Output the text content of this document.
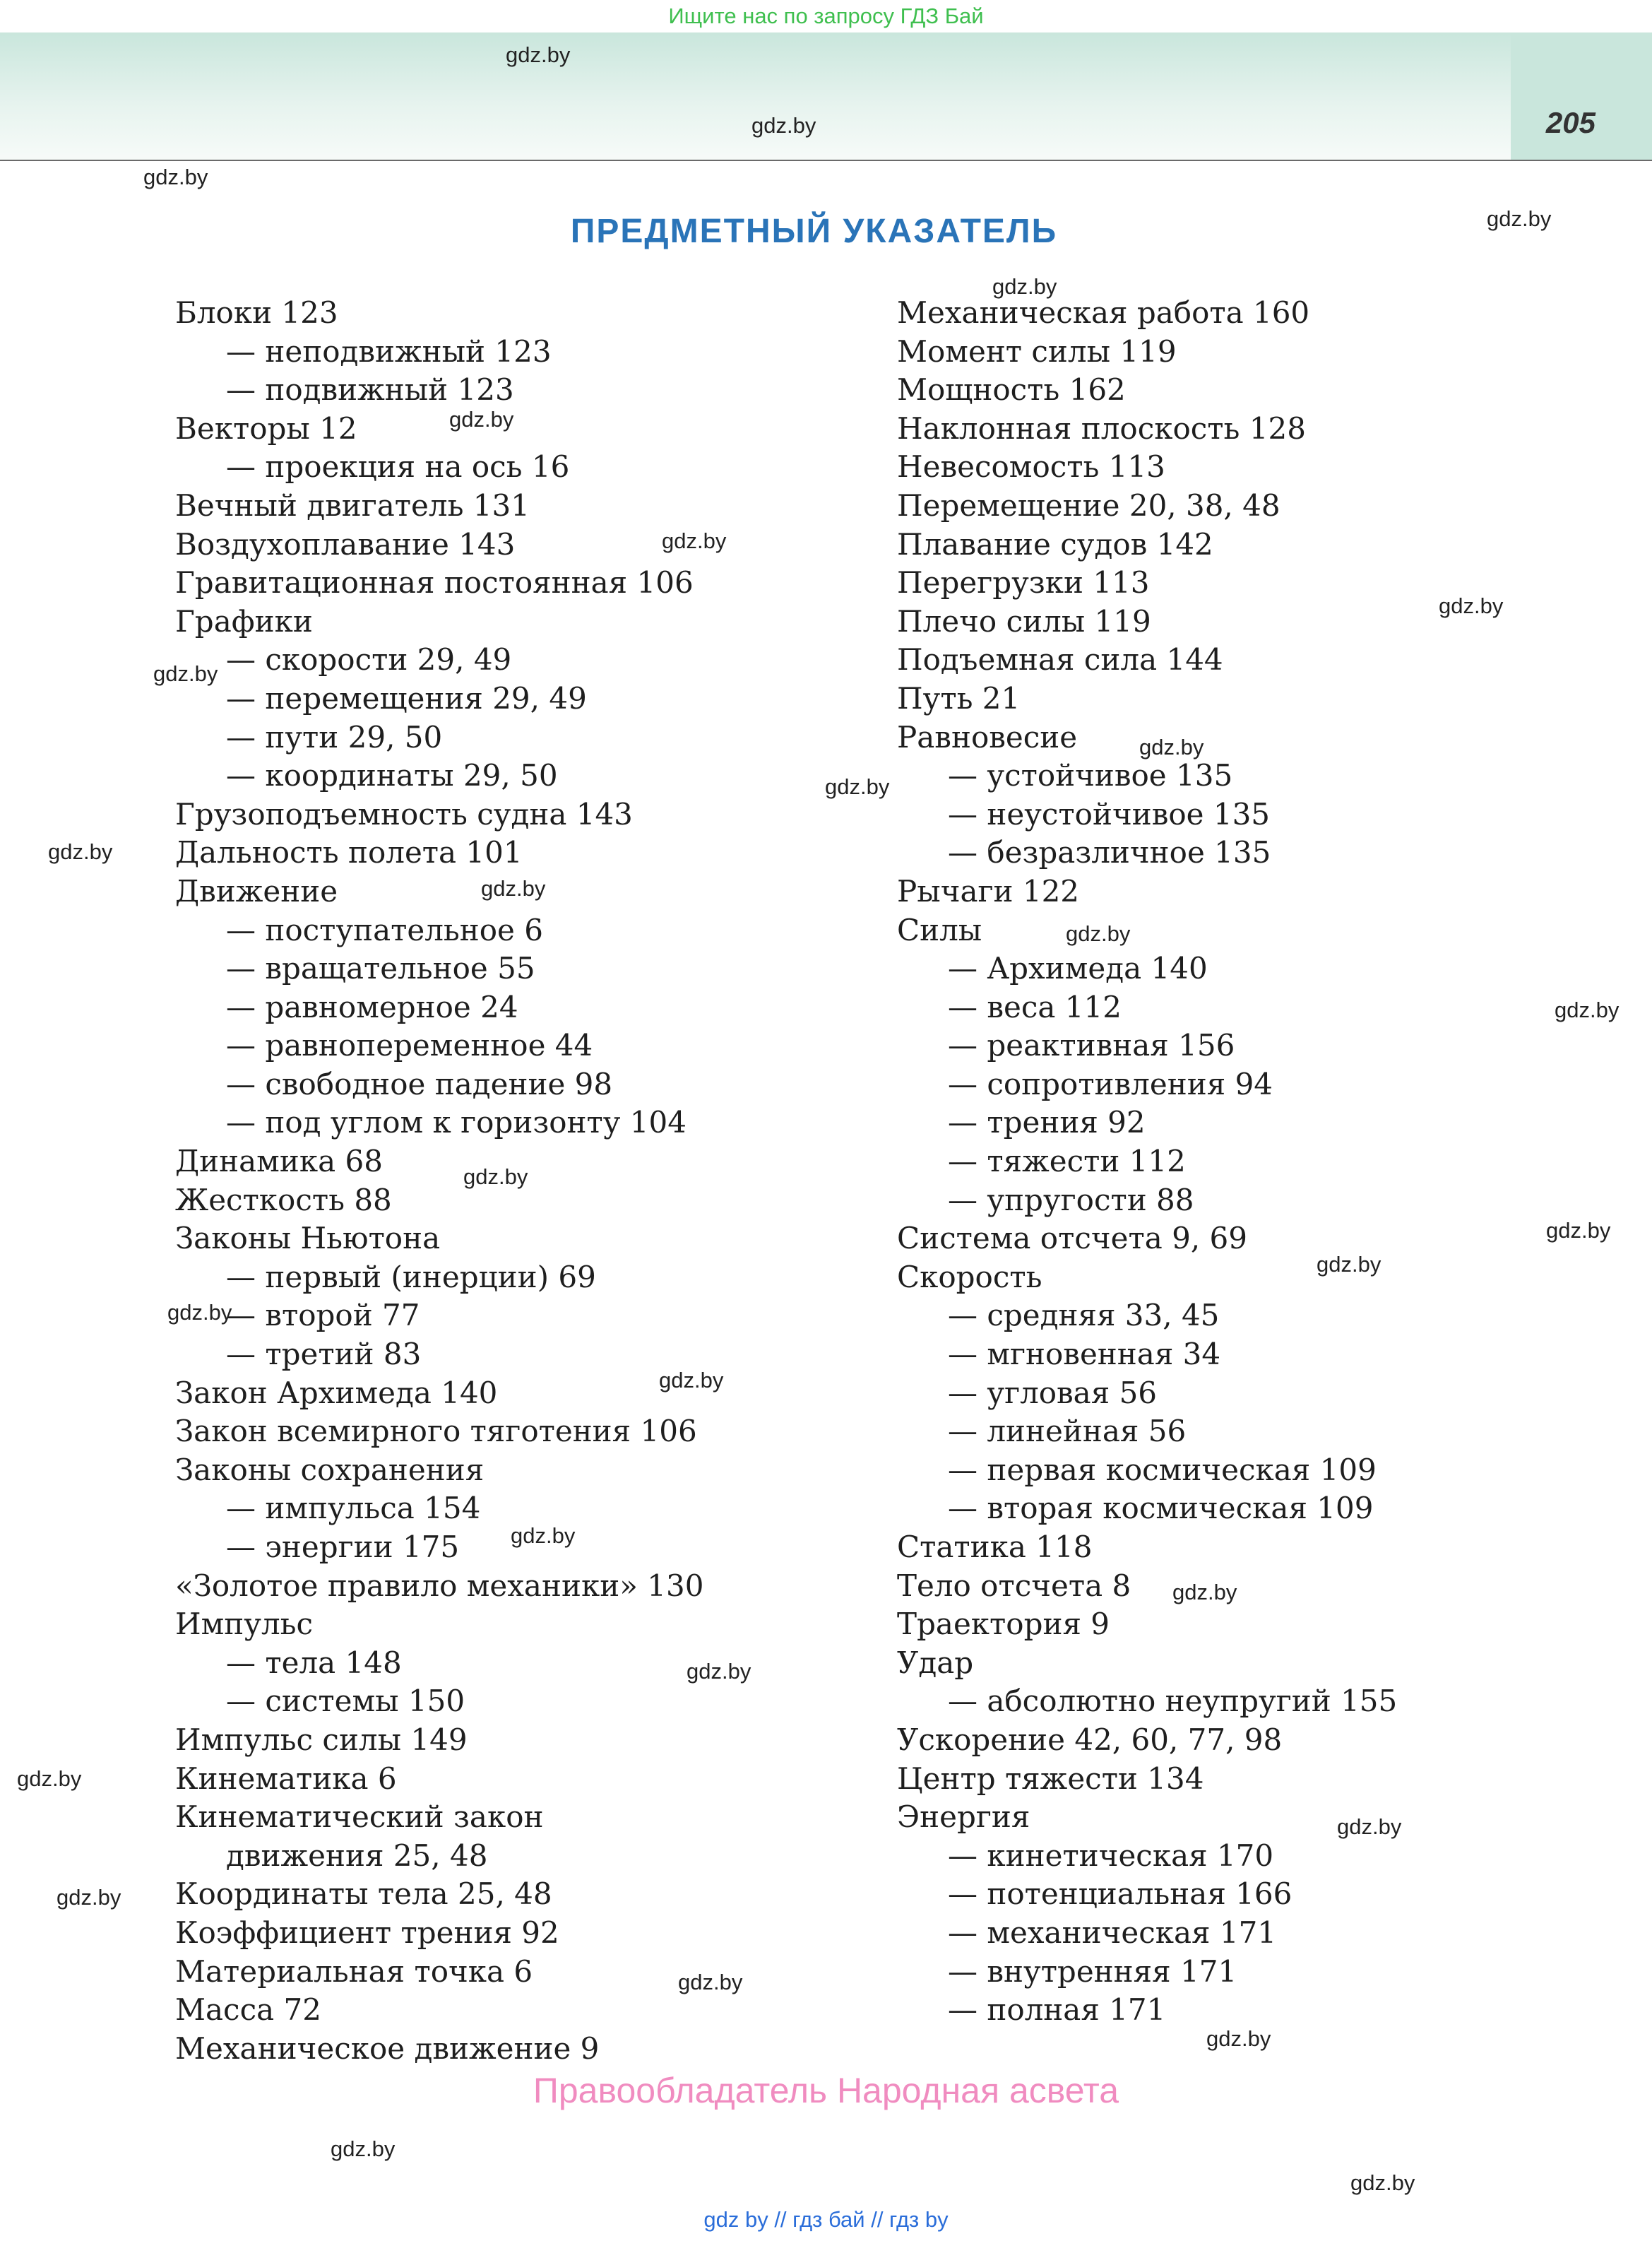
Ищите нас по запросу ГДЗ Бай
205
ПРЕДМЕТНЫЙ УКАЗАТЕЛЬ
Блоки 123
— неподвижный 123
— подвижный 123
Векторы 12
— проекция на ось 16
Вечный двигатель 131
Воздухоплавание 143
Гравитационная постоянная 106
Графики
— скорости 29, 49
— перемещения 29, 49
— пути 29, 50
— координаты 29, 50
Грузоподъемность судна 143
Дальность полета 101
Движение
— поступательное 6
— вращательное 55
— равномерное 24
— равнопеременное 44
— свободное падение 98
— под углом к горизонту 104
Динамика 68
Жесткость 88
Законы Ньютона
— первый (инерции) 69
— второй 77
— третий 83
Закон Архимеда 140
Закон всемирного тяготения 106
Законы сохранения
— импульса 154
— энергии 175
«Золотое правило механики» 130
Импульс
— тела 148
— системы 150
Импульс силы 149
Кинематика 6
Кинематический закон
движения 25, 48
Координаты тела 25, 48
Коэффициент трения 92
Материальная точка 6
Масса 72
Механическое движение 9
Механическая работа 160
Момент силы 119
Мощность 162
Наклонная плоскость 128
Невесомость 113
Перемещение 20, 38, 48
Плавание судов 142
Перегрузки 113
Плечо силы 119
Подъемная сила 144
Путь 21
Равновесие
— устойчивое 135
— неустойчивое 135
— безразличное 135
Рычаги 122
Силы
— Архимеда 140
— веса 112
— реактивная 156
— сопротивления 94
— трения 92
— тяжести 112
— упругости 88
Система отсчета 9, 69
Скорость
— средняя 33, 45
— мгновенная 34
— угловая 56
— линейная 56
— первая космическая 109
— вторая космическая 109
Статика 118
Тело отсчета 8
Траектория 9
Удар
— абсолютно неупругий 155
Ускорение 42, 60, 77, 98
Центр тяжести 134
Энергия
— кинетическая 170
— потенциальная 166
— механическая 171
— внутренняя 171
— полная 171
Правообладатель Народная асвета
gdz by // гдз бай // гдз by
gdz.by
gdz.by
gdz.by
gdz.by
gdz.by
gdz.by
gdz.by
gdz.by
gdz.by
gdz.by
gdz.by
gdz.by
gdz.by
gdz.by
gdz.by
gdz.by
gdz.by
gdz.by
gdz.by
gdz.by
gdz.by
gdz.by
gdz.by
gdz.by
gdz.by
gdz.by
gdz.by
gdz.by
gdz.by
gdz.by
